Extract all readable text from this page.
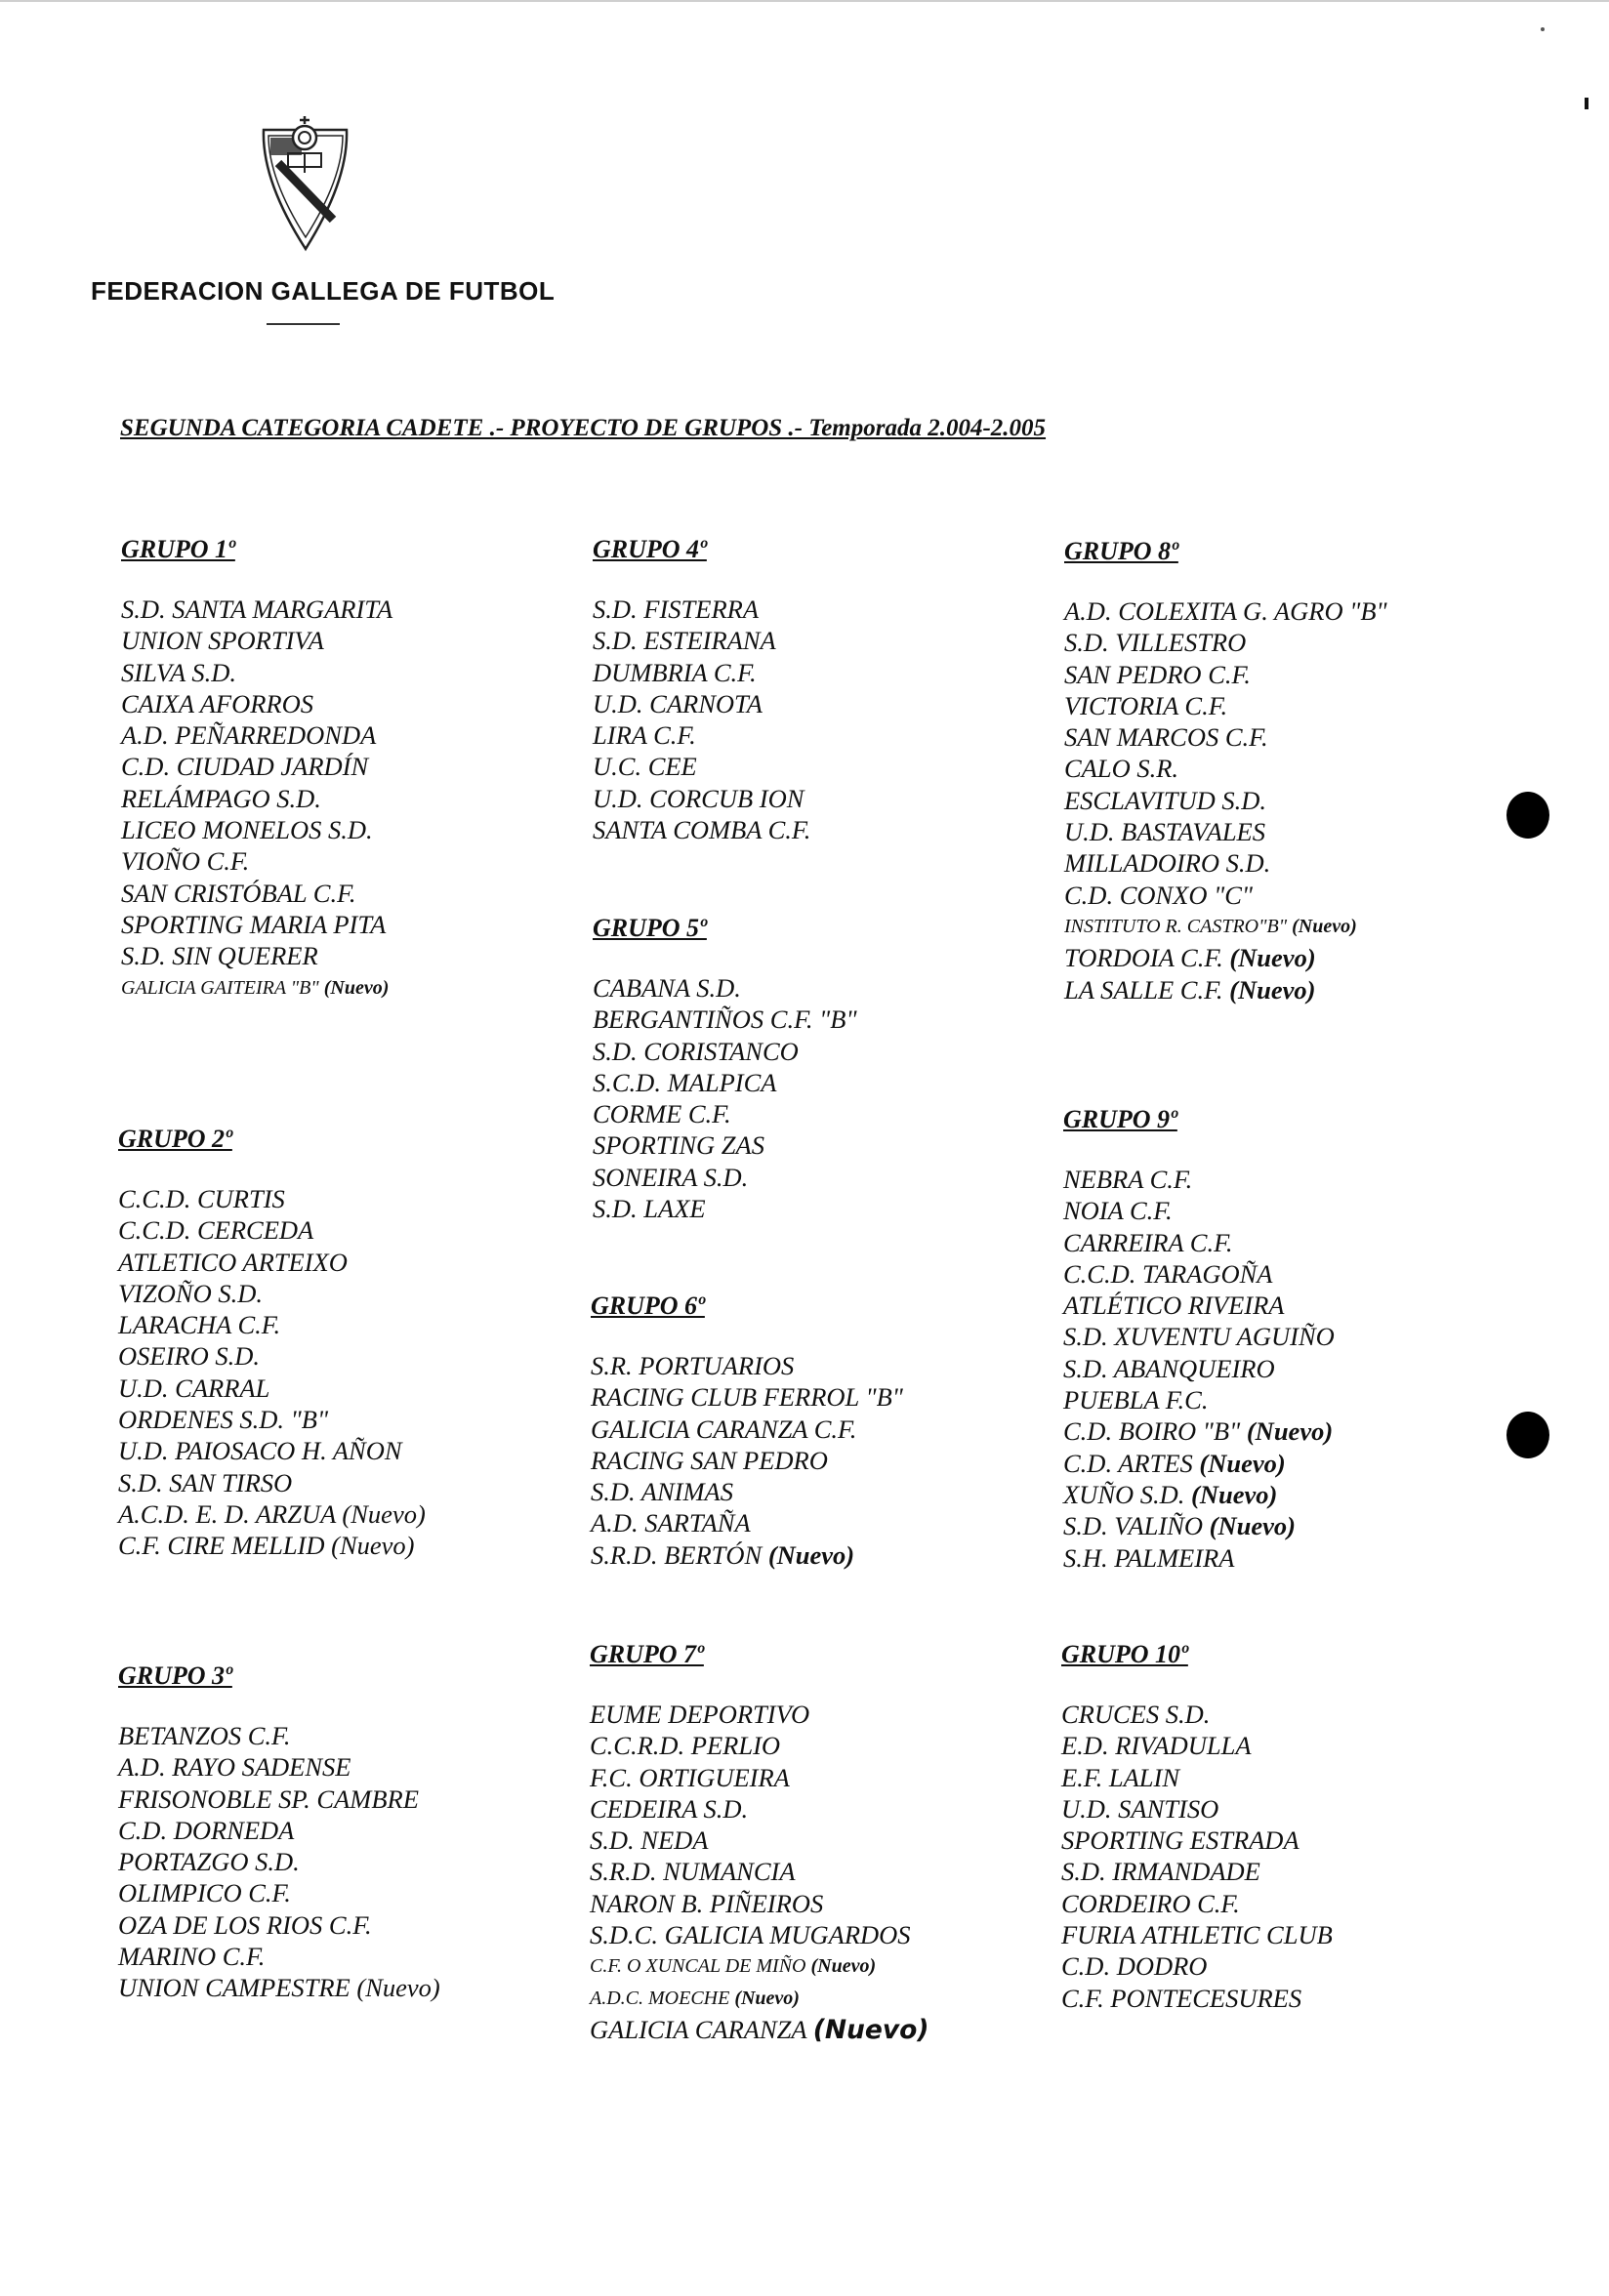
FEDERACION GALLEGA DE FUTBOL
SEGUNDA CATEGORIA CADETE .- PROYECTO DE GRUPOS .- Temporada 2.004-2.005
GRUPO 1º
S.D. SANTA MARGARITA
UNION SPORTIVA
SILVA S.D.
CAIXA AFORROS
A.D. PEÑARREDONDA
C.D. CIUDAD JARDÍN
RELÁMPAGO S.D.
LICEO MONELOS S.D.
VIOÑO C.F.
SAN CRISTÓBAL C.F.
SPORTING MARIA PITA
S.D. SIN QUERER
GALICIA GAITEIRA "B" (Nuevo)
GRUPO 2º
C.C.D. CURTIS
C.C.D. CERCEDA
ATLETICO ARTEIXO
VIZOÑO S.D.
LARACHA C.F.
OSEIRO S.D.
U.D. CARRAL
ORDENES S.D. "B"
U.D. PAIOSACO H. AÑON
S.D. SAN TIRSO
A.C.D. E. D. ARZUA (Nuevo)
C.F. CIRE MELLID (Nuevo)
GRUPO 3º
BETANZOS C.F.
A.D. RAYO SADENSE
FRISONOBLE SP. CAMBRE
C.D. DORNEDA
PORTAZGO S.D.
OLIMPICO C.F.
OZA DE LOS RIOS C.F.
MARINO C.F.
UNION CAMPESTRE (Nuevo)
GRUPO 4º
S.D. FISTERRA
S.D. ESTEIRANA
DUMBRIA C.F.
U.D. CARNOTA
LIRA C.F.
U.C. CEE
U.D. CORCUB ION
SANTA COMBA C.F.
GRUPO 5º
CABANA S.D.
BERGANTIÑOS C.F. "B"
S.D. CORISTANCO
S.C.D. MALPICA
CORME C.F.
SPORTING ZAS
SONEIRA S.D.
S.D. LAXE
GRUPO 6º
S.R. PORTUARIOS
RACING CLUB FERROL "B"
GALICIA CARANZA C.F.
RACING SAN PEDRO
S.D. ANIMAS
A.D. SARTAÑA
S.R.D. BERTÓN (Nuevo)
GRUPO 7º
EUME DEPORTIVO
C.C.R.D. PERLIO
F.C. ORTIGUEIRA
CEDEIRA S.D.
S.D. NEDA
S.R.D. NUMANCIA
NARON B. PIÑEIROS
S.D.C. GALICIA MUGARDOS
C.F. O XUNCAL DE MIÑO (Nuevo)
A.D.C. MOECHE (Nuevo)
GALICIA CARANZA (Nuevo)
GRUPO 8º
A.D. COLEXITA G. AGRO "B"
S.D. VILLESTRO
SAN PEDRO C.F.
VICTORIA C.F.
SAN MARCOS C.F.
CALO S.R.
ESCLAVITUD S.D.
U.D. BASTAVALES
MILLADOIRO S.D.
C.D. CONXO "C"
INSTITUTO R. CASTRO"B" (Nuevo)
TORDOIA C.F. (Nuevo)
LA SALLE C.F. (Nuevo)
GRUPO 9º
NEBRA C.F.
NOIA C.F.
CARREIRA C.F.
C.C.D. TARAGOÑA
ATLÉTICO RIVEIRA
S.D. XUVENTU AGUIÑO
S.D. ABANQUEIRO
PUEBLA F.C.
C.D. BOIRO "B" (Nuevo)
C.D. ARTES (Nuevo)
XUÑO S.D. (Nuevo)
S.D. VALIÑO (Nuevo)
S.H. PALMEIRA
GRUPO 10º
CRUCES S.D.
E.D. RIVADULLA
E.F. LALIN
U.D. SANTISO
SPORTING ESTRADA
S.D. IRMANDADE
CORDEIRO C.F.
FURIA ATHLETIC CLUB
C.D. DODRO
C.F. PONTECESURES
